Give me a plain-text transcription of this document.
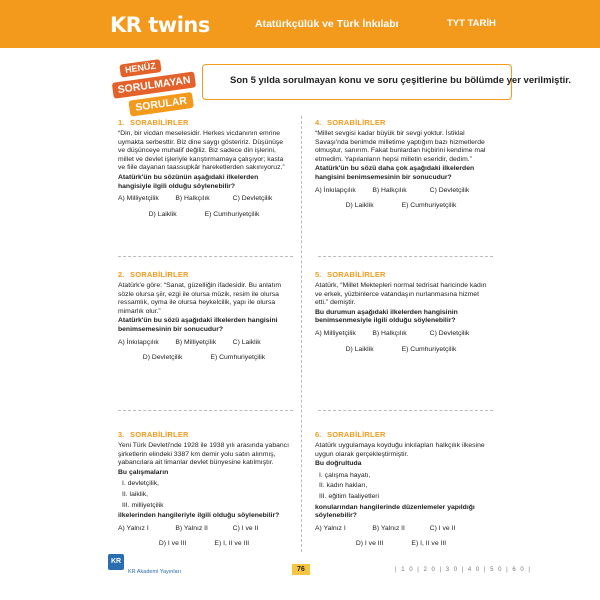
KR twins	Atatürkçülük ve Türk İnkılabı	TYT TARİH
HENÜZ
SORULMAYAN
SORULAR
Son 5 yılda sorulmayan konu ve soru çeşitlerine bu bölümde yer verilmiştir.
1. SORABİLİRLER

“Din, bir vicdan meselesidir. Herkes vicdanının emrine uymakta serbesttir. Biz dine saygı gösteririz. Düşünüşe ve düşünceye muhalif değiliz. Biz sadece din işlerini, millet ve devlet işleriyle karıştırmamaya çalışıyor; kasta ve fiile dayanan taassupkâr hareketlerden sakınıyoruz.”

Atatürk'ün bu sözünün aşağıdaki ilkelerden hangisiyle ilgili olduğu söylenebilir?

A) Milliyetçilik	B) Halkçılık	C) Devletçilik
D) Laiklik	E) Cumhuriyetçilik
2. SORABİLİRLER

Atatürk'e göre: “Sanat, güzelliğin ifadesidir. Bu anlatım sözle olursa şiir, ezgi ile olursa müzik, resim ile olursa ressamlık, oyma ile olursa heykelcilik, yapı ile olursa mimarlık olur.”

Atatürk'ün bu sözü aşağıdaki ilkelerden hangisini benimsemesinin bir sonucudur?

A) İnkılapçılık	B) Milliyetçilik	C) Laiklik
D) Devletçilik	E) Cumhuriyetçilik
3. SORABİLİRLER

Yeni Türk Devleti'nde 1928 ile 1938 yılı arasında yabancı şirketlerin elindeki 3387 km demir yolu satın alınmış, yabancılara ait limanlar devlet bünyesine katılmıştır.

Bu çalışmaların

I. devletçilik,

II. laiklik,

III. milliyetçilik

ilkelerinden hangileriyle ilgili olduğu söylenebilir?

A) Yalnız I	B) Yalnız II	C) I ve II
D) I ve III	E) I, II ve III
4. SORABİLİRLER

“Millet sevgisi kadar büyük bir sevgi yoktur. İstiklal Savaşı'nda benimde milletime yaptığım bazı hizmetlerde olmuştur, sanırım. Fakat bunlardan hiçbirini kendime mal etmedim. Yapılanların hepsi milletin eseridir, dedim.”

Atatürk'ün bu sözü daha çok aşağıdaki ilkelerden hangisini benimsemesinin bir sonucudur?

A) İnkılapçılık	B) Halkçılık	C) Devletçilik
D) Laiklik	E) Cumhuriyetçilik
5. SORABİLİRLER

Atatürk, “Millet Mektepleri normal tedrisat haricinde kadın ve erkek, yüzbinlerce vatandaşın nurlanmasına hizmet etti.” demiştir.

Bu durumun aşağıdaki ilkelerden hangisinin benimsenmesiyle ilgili olduğu söylenebilir?

A) Milliyetçilik	B) Halkçılık	C) Devletçilik
D) Laiklik	E) Cumhuriyetçilik
6. SORABİLİRLER

Atatürk uygulamaya koyduğu inkılapları halkçılık ilkesine uygun olarak gerçekleştirmiştir.

Bu doğrultuda

I. çalışma hayatı,

II. kadın hakları,

III. eğitim faaliyetleri

konularından hangilerinde düzenlemeler yapıldığı söylenebilir?

A) Yalnız I	B) Yalnız II	C) I ve II
D) I ve III	E) I, II ve III
KR
KR Akademi Yayınları	76	| 1 0 | 2 0 | 3 0 | 4 0 | 5 0 | 6 0 |
